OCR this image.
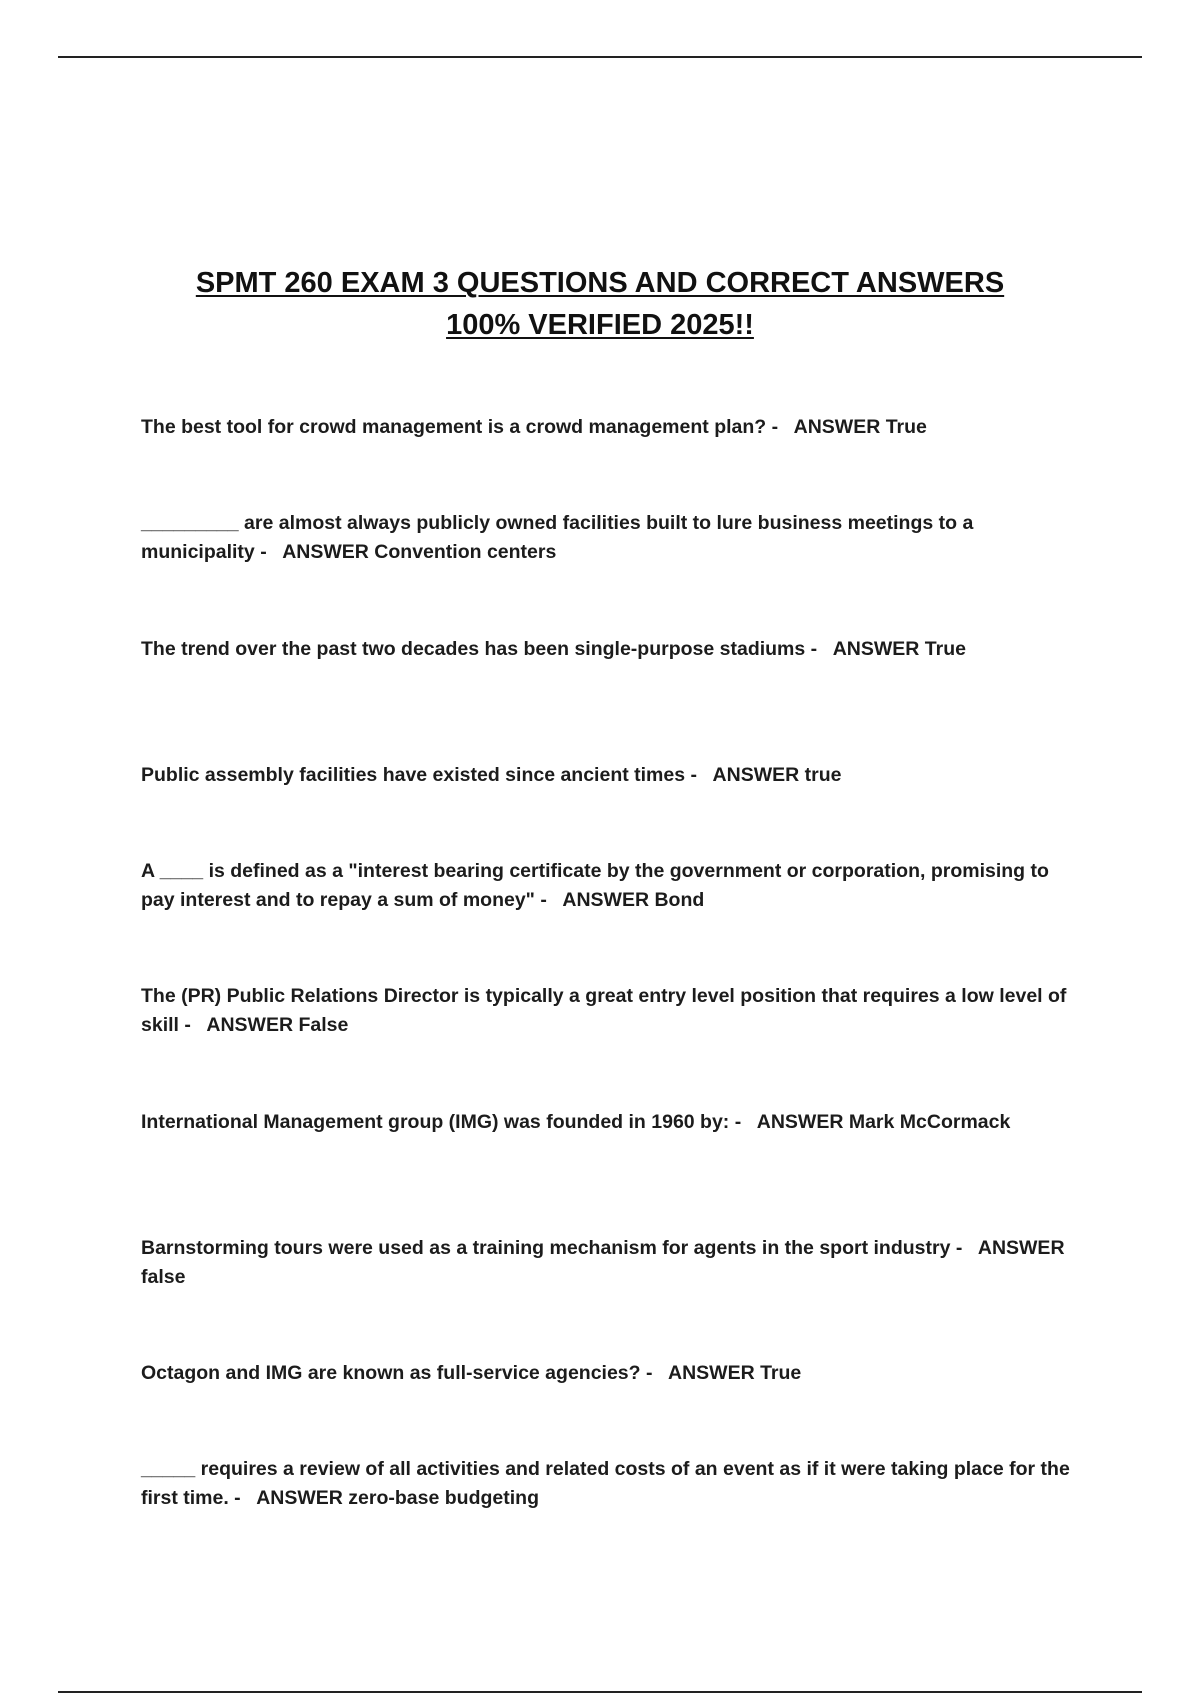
SPMT 260 EXAM 3 QUESTIONS AND CORRECT ANSWERS
100% VERIFIED 2025!!
The best tool for crowd management is a crowd management plan? - ANSWER True
_________ are almost always publicly owned facilities built to lure business meetings to a municipality - ANSWER Convention centers
The trend over the past two decades has been single-purpose stadiums - ANSWER True
Public assembly facilities have existed since ancient times - ANSWER true
A ____ is defined as a "interest bearing certificate by the government or corporation, promising to pay interest and to repay a sum of money" - ANSWER Bond
The (PR) Public Relations Director is typically a great entry level position that requires a low level of skill - ANSWER False
International Management group (IMG) was founded in 1960 by: - ANSWER Mark McCormack
Barnstorming tours were used as a training mechanism for agents in the sport industry - ANSWER false
Octagon and IMG are known as full-service agencies? - ANSWER True
_____ requires a review of all activities and related costs of an event as if it were taking place for the first time. - ANSWER zero-base budgeting
